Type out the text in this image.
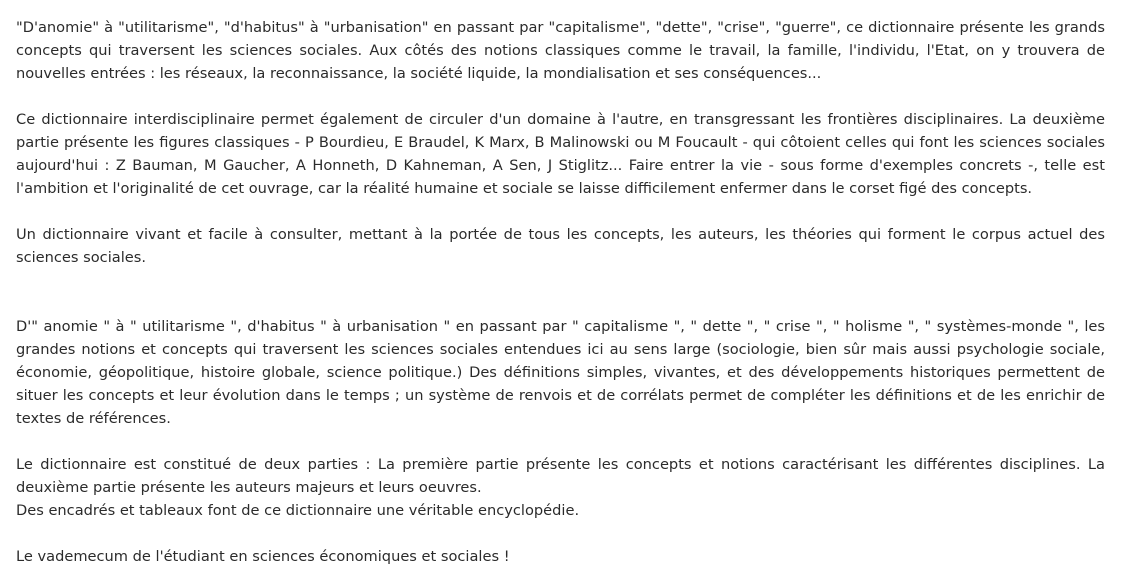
"D'anomie" à "utilitarisme", "d'habitus" à "urbanisation" en passant par "capitalisme", "dette", "crise", "guerre", ce dictionnaire présente les grands concepts qui traversent les sciences sociales. Aux côtés des notions classiques comme le travail, la famille, l'individu, l'Etat, on y trouvera de nouvelles entrées : les réseaux, la reconnaissance, la société liquide, la mondialisation et ses conséquences...

Ce dictionnaire interdisciplinaire permet également de circuler d'un domaine à l'autre, en transgressant les frontières disciplinaires. La deuxième partie présente les figures classiques - P Bourdieu, E Braudel, K Marx, B Malinowski ou M Foucault - qui côtoient celles qui font les sciences sociales aujourd'hui : Z Bauman, M Gaucher, A Honneth, D Kahneman, A Sen, J Stiglitz... Faire entrer la vie - sous forme d'exemples concrets -, telle est l'ambition et l'originalité de cet ouvrage, car la réalité humaine et sociale se laisse difficilement enfermer dans le corset figé des concepts.

Un dictionnaire vivant et facile à consulter, mettant à la portée de tous les concepts, les auteurs, les théories qui forment le corpus actuel des sciences sociales.

D'" anomie " à " utilitarisme ", d'habitus " à urbanisation " en passant par " capitalisme ", " dette ", " crise ", " holisme ", " systèmes-monde ", les grandes notions et concepts qui traversent les sciences sociales entendues ici au sens large (sociologie, bien sûr mais aussi psychologie sociale, économie, géopolitique, histoire globale, science politique.) Des définitions simples, vivantes, et des développements historiques permettent de situer les concepts et leur évolution dans le temps ; un système de renvois et de corrélats permet de compléter les définitions et de les enrichir de textes de références.

Le dictionnaire est constitué de deux parties : La première partie présente les concepts et notions caractérisant les différentes disciplines. La deuxième partie présente les auteurs majeurs et leurs oeuvres.

Des encadrés et tableaux font de ce dictionnaire une véritable encyclopédie.

Le vademecum de l'étudiant en sciences économiques et sociales !
